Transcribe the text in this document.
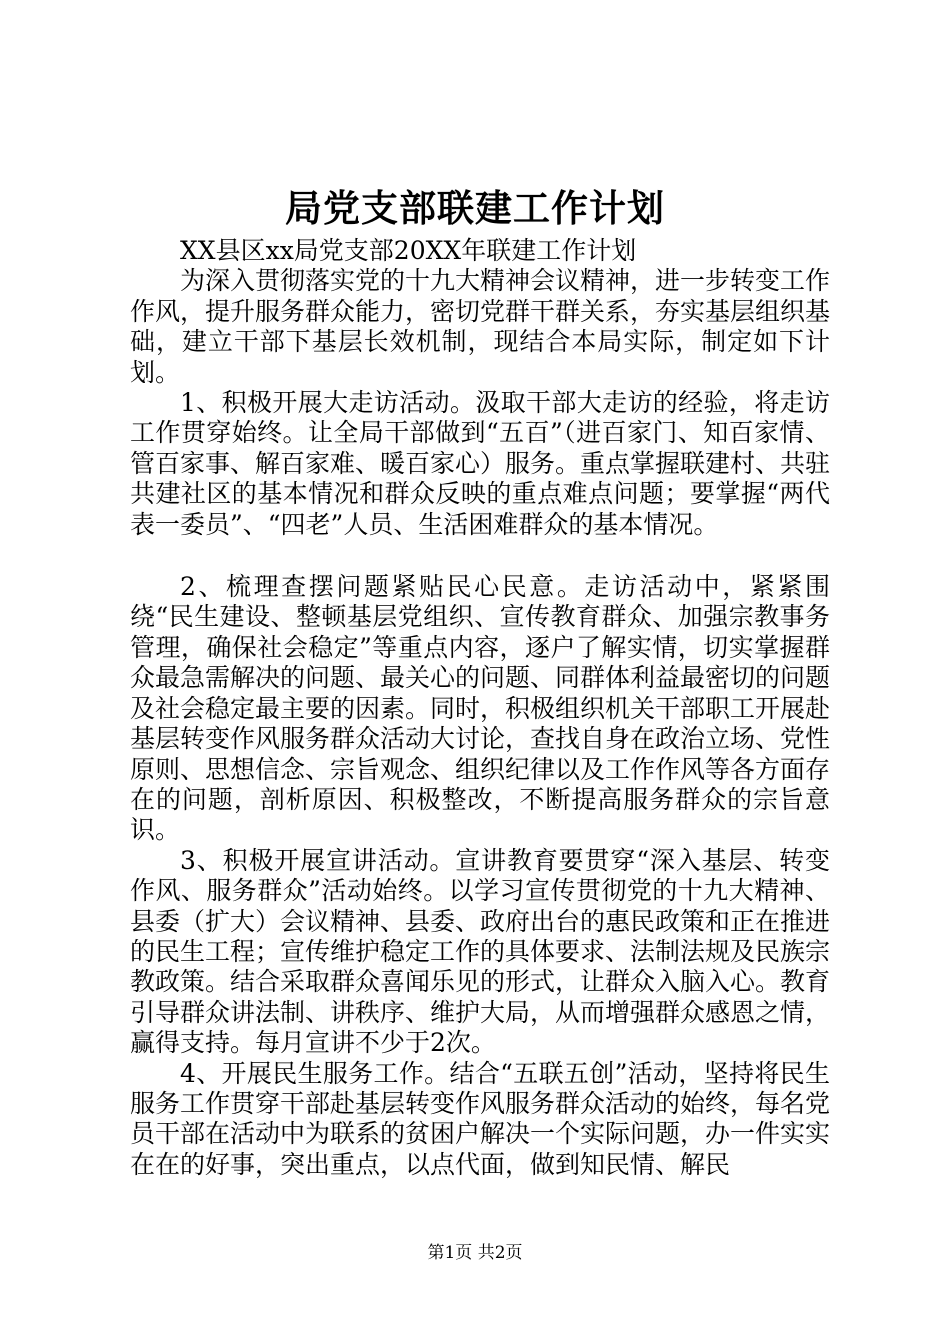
局党支部联建工作计划

XX县区xx局党支部20XX年联建工作计划

为深入贯彻落实党的十九大精神会议精神，进一步转变工作作风，提升服务群众能力，密切党群干群关系，夯实基层组织基础，建立干部下基层长效机制，现结合本局实际，制定如下计划。

1、积极开展大走访活动。汲取干部大走访的经验，将走访工作贯穿始终。让全局干部做到“五百”（进百家门、知百家情、管百家事、解百家难、暖百家心）服务。重点掌握联建村、共驻共建社区的基本情况和群众反映的重点难点问题；要掌握“两代表一委员”、“四老”人员、生活困难群众的基本情况。

2、梳理查摆问题紧贴民心民意。走访活动中，紧紧围绕“民生建设、整顿基层党组织、宣传教育群众、加强宗教事务管理，确保社会稳定”等重点内容，逐户了解实情，切实掌握群众最急需解决的问题、最关心的问题、同群体利益最密切的问题及社会稳定最主要的因素。同时，积极组织机关干部职工开展赴基层转变作风服务群众活动大讨论，查找自身在政治立场、党性原则、思想信念、宗旨观念、组织纪律以及工作作风等各方面存在的问题，剖析原因、积极整改，不断提高服务群众的宗旨意识。

3、积极开展宣讲活动。宣讲教育要贯穿“深入基层、转变作风、服务群众”活动始终。以学习宣传贯彻党的十九大精神、县委（扩大）会议精神、县委、政府出台的惠民政策和正在推进的民生工程；宣传维护稳定工作的具体要求、法制法规及民族宗教政策。结合采取群众喜闻乐见的形式，让群众入脑入心。教育引导群众讲法制、讲秩序、维护大局，从而增强群众感恩之情，赢得支持。每月宣讲不少于2次。

4、开展民生服务工作。结合“五联五创”活动，坚持将民生服务工作贯穿干部赴基层转变作风服务群众活动的始终，每名党员干部在活动中为联系的贫困户解决一个实际问题，办一件实实在在的好事，突出重点，以点代面，做到知民情、解民

第1页 共2页
